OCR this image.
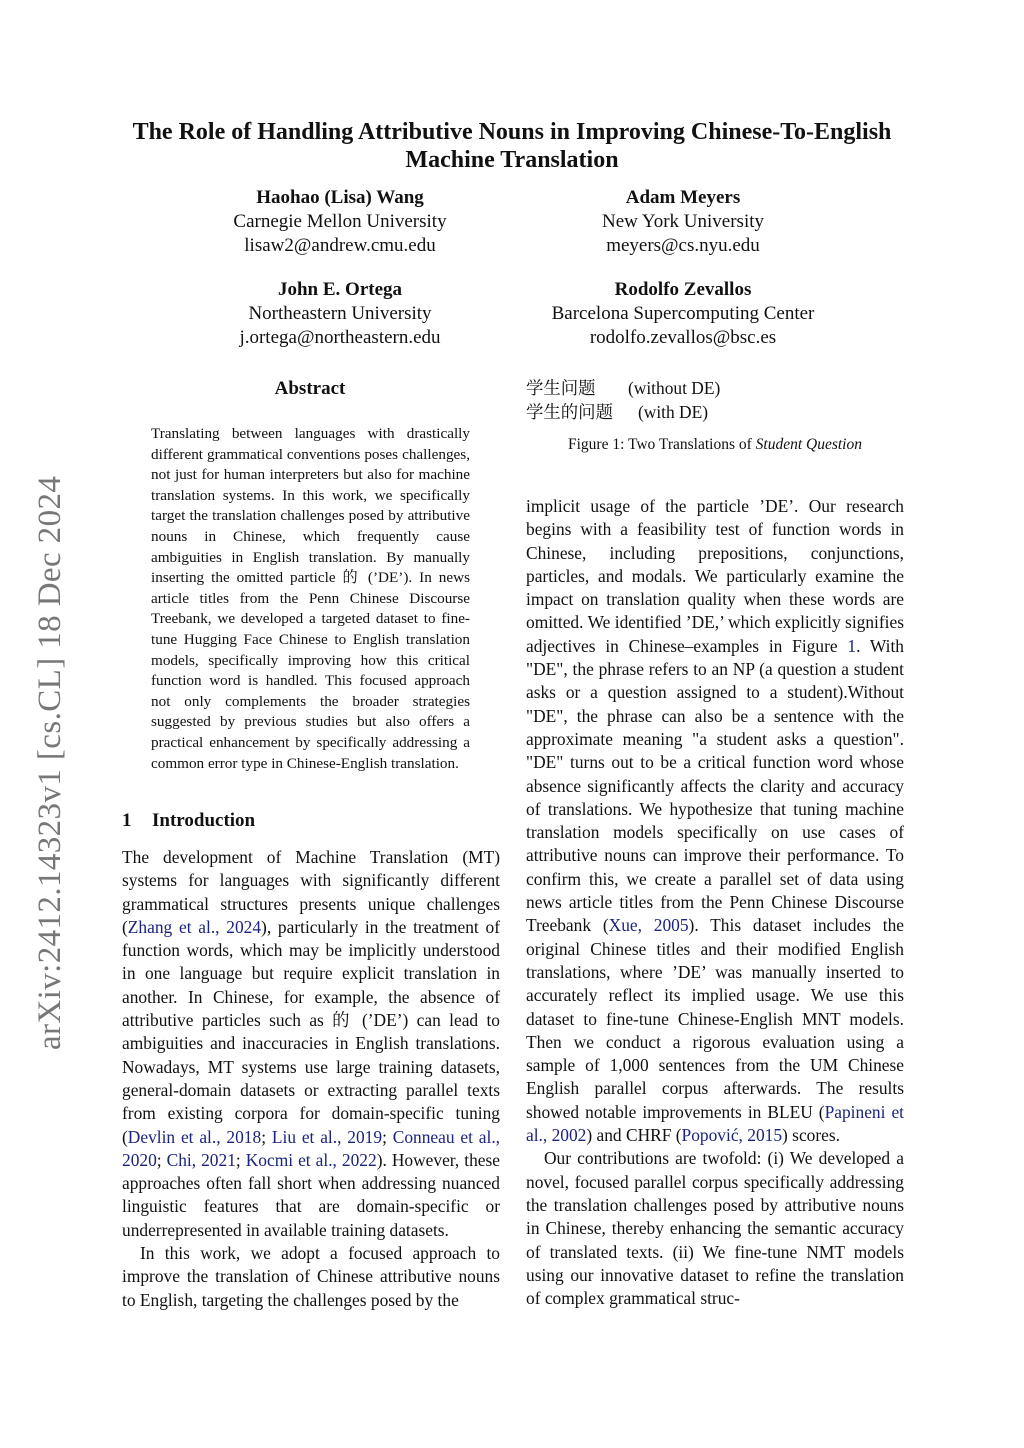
arXiv:2412.14323v1 [cs.CL] 18 Dec 2024
The Role of Handling Attributive Nouns in Improving Chinese-To-English
Machine Translation
Haohao (Lisa) Wang
Carnegie Mellon University
lisaw2@andrew.cmu.edu
Adam Meyers
New York University
meyers@cs.nyu.edu
John E. Ortega
Northeastern University
j.ortega@northeastern.edu
Rodolfo Zevallos
Barcelona Supercomputing Center
rodolfo.zevallos@bsc.es
Abstract
Translating between languages with drastically different grammatical conventions poses challenges, not just for human interpreters but also for machine translation systems. In this work, we specifically target the translation challenges posed by attributive nouns in Chinese, which frequently cause ambiguities in English translation. By manually inserting the omitted particle 的 (’DE’). In news article titles from the Penn Chinese Discourse Treebank, we developed a targeted dataset to fine-tune Hugging Face Chinese to English translation models, specifically improving how this critical function word is handled. This focused approach not only complements the broader strategies suggested by previous studies but also offers a practical enhancement by specifically addressing a common error type in Chinese-English translation.
1 Introduction

The development of Machine Translation (MT) systems for languages with significantly different grammatical structures presents unique challenges (Zhang et al., 2024), particularly in the treatment of function words, which may be implicitly understood in one language but require explicit translation in another. In Chinese, for example, the absence of attributive particles such as 的 (’DE’) can lead to ambiguities and inaccuracies in English translations. Nowadays, MT systems use large training datasets, general-domain datasets or extracting parallel texts from existing corpora for domain-specific tuning (Devlin et al., 2018; Liu et al., 2019; Conneau et al., 2020; Chi, 2021; Kocmi et al., 2022). However, these approaches often fall short when addressing nuanced linguistic features that are domain-specific or underrepresented in available training datasets.

In this work, we adopt a focused approach to improve the translation of Chinese attributive nouns to English, targeting the challenges posed by the

学生问题 (without DE)
学生的问题 (with DE)
Figure 1: Two Translations of Student Question

implicit usage of the particle ’DE’. Our research begins with a feasibility test of function words in Chinese, including prepositions, conjunctions, particles, and modals. We particularly examine the impact on translation quality when these words are omitted. We identified ’DE,’ which explicitly signifies adjectives in Chinese–examples in Figure 1. With "DE", the phrase refers to an NP (a question a student asks or a question assigned to a student).Without "DE", the phrase can also be a sentence with the approximate meaning "a student asks a question". "DE" turns out to be a critical function word whose absence significantly affects the clarity and accuracy of translations. We hypothesize that tuning machine translation models specifically on use cases of attributive nouns can improve their performance. To confirm this, we create a parallel set of data using news article titles from the Penn Chinese Discourse Treebank (Xue, 2005). This dataset includes the original Chinese titles and their modified English translations, where ’DE’ was manually inserted to accurately reflect its implied usage. We use this dataset to fine-tune Chinese-English MNT models. Then we conduct a rigorous evaluation using a sample of 1,000 sentences from the UM Chinese English parallel corpus afterwards. The results showed notable improvements in BLEU (Papineni et al., 2002) and CHRF (Popović, 2015) scores.

Our contributions are twofold: (i) We developed a novel, focused parallel corpus specifically addressing the translation challenges posed by attributive nouns in Chinese, thereby enhancing the semantic accuracy of translated texts. (ii) We fine-tune NMT models using our innovative dataset to refine the translation of complex grammatical struc-
